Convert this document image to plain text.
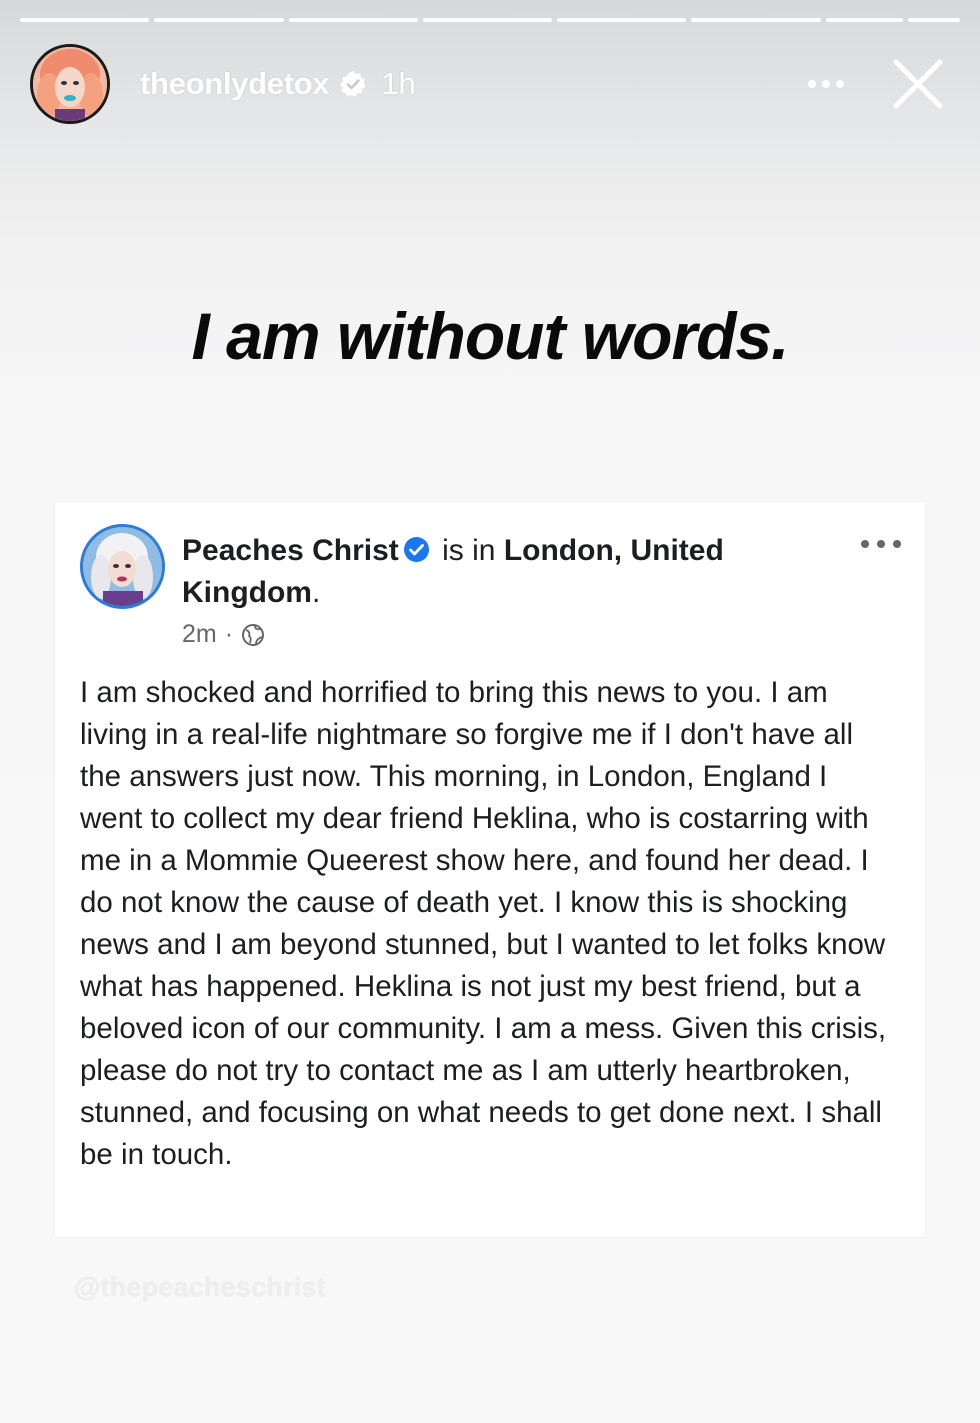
theonlydetox 1h
I am without words.
Peaches Christ is in London, United Kingdom.
2m ·
I am shocked and horrified to bring this news to you. I am living in a real-life nightmare so forgive me if I don't have all the answers just now. This morning, in London, England I went to collect my dear friend Heklina, who is costarring with me in a Mommie Queerest show here, and found her dead. I do not know the cause of death yet. I know this is shocking news and I am beyond stunned, but I wanted to let folks know what has happened. Heklina is not just my best friend, but a beloved icon of our community. I am a mess. Given this crisis, please do not try to contact me as I am utterly heartbroken, stunned, and focusing on what needs to get done next. I shall be in touch.
@thepeacheschrist
